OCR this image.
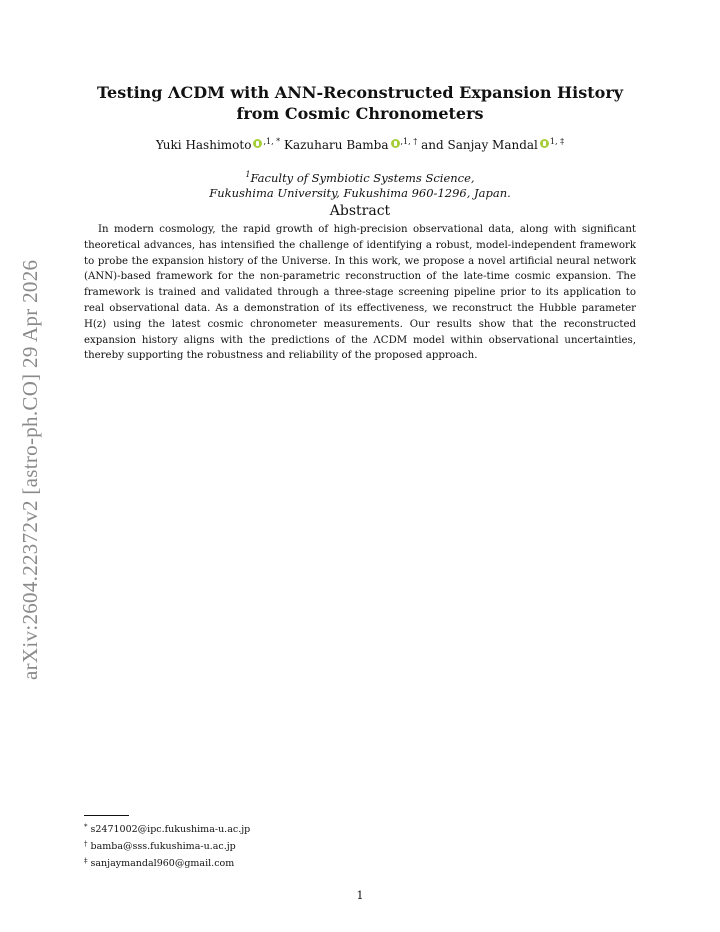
arXiv:2604.22372v2 [astro-ph.CO] 29 Apr 2026
Testing ΛCDM with ANN-Reconstructed Expansion History from Cosmic Chronometers
Yuki Hashimoto $^{,1, *}$ Kazuharu Bamba $^{,1, \dagger}$ and Sanjay Mandal $^{1, \ddagger}$
$^1$Faculty of Symbiotic Systems Science,
Fukushima University, Fukushima 960-1296, Japan.
Abstract

In modern cosmology, the rapid growth of high-precision observational data, along with significant theoretical advances, has intensified the challenge of identifying a robust, model-independent framework to probe the expansion history of the Universe. In this work, we propose a novel artificial neural network (ANN)-based framework for the non-parametric reconstruction of the late-time cosmic expansion. The framework is trained and validated through a three-stage screening pipeline prior to its application to real observational data. As a demonstration of its effectiveness, we reconstruct the Hubble parameter H(z) using the latest cosmic chronometer measurements. Our results show that the reconstructed expansion history aligns with the predictions of the ΛCDM model within observational uncertainties, thereby supporting the robustness and reliability of the proposed approach.

* s2471002@ipc.fukushima-u.ac.jp
† bamba@sss.fukushima-u.ac.jp
‡ sanjaymandal960@gmail.com
1
